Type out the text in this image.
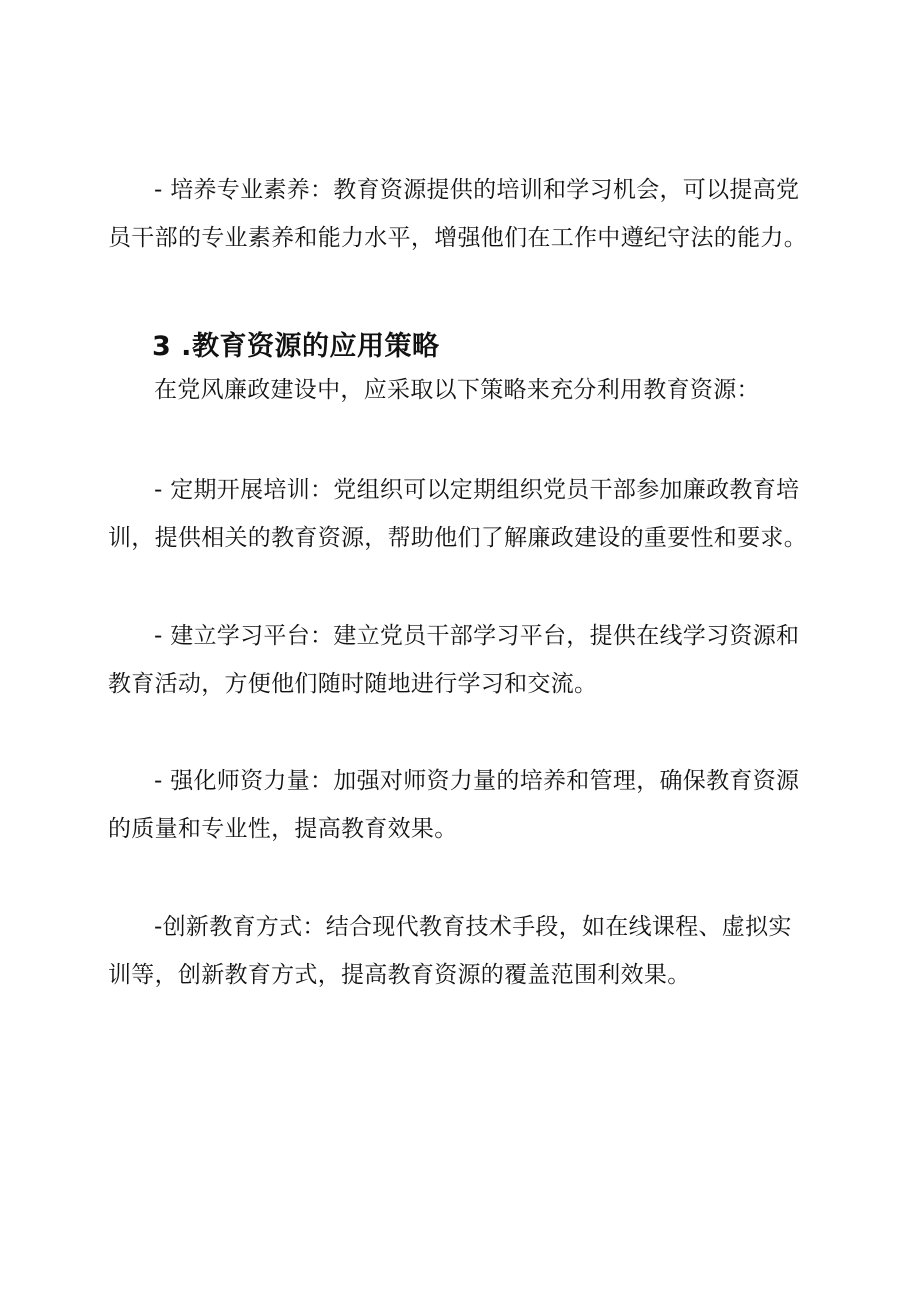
- 培养专业素养：教育资源提供的培训和学习机会，可以提高党员干部的专业素养和能力水平，增强他们在工作中遵纪守法的能力。

3 .教育资源的应用策略

在党风廉政建设中，应采取以下策略来充分利用教育资源：

- 定期开展培训：党组织可以定期组织党员干部参加廉政教育培训，提供相关的教育资源，帮助他们了解廉政建设的重要性和要求。

- 建立学习平台：建立党员干部学习平台，提供在线学习资源和教育活动，方便他们随时随地进行学习和交流。

- 强化师资力量：加强对师资力量的培养和管理，确保教育资源的质量和专业性，提高教育效果。

-创新教育方式：结合现代教育技术手段，如在线课程、虚拟实训等，创新教育方式，提高教育资源的覆盖范围利效果。
